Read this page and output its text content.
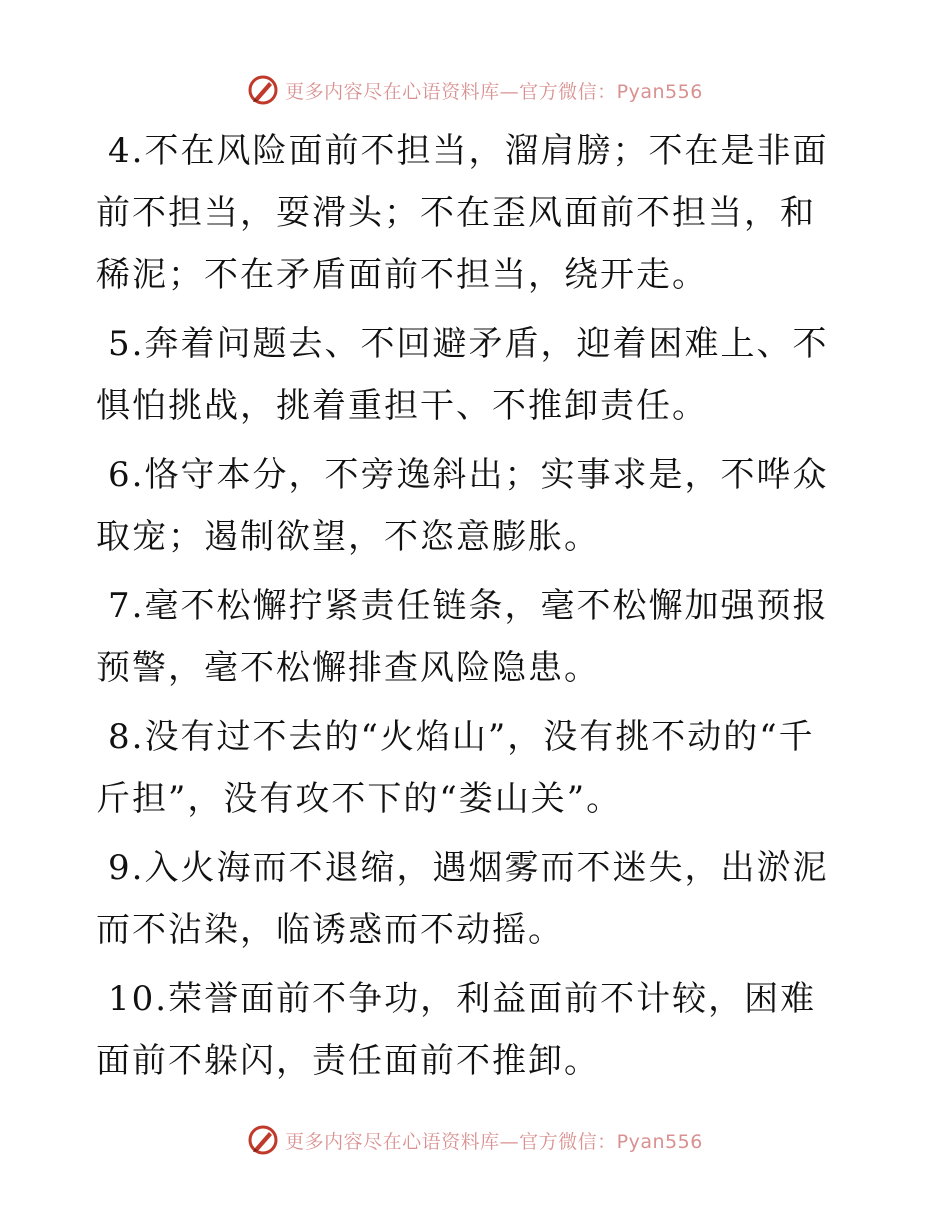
更多内容尽在心语资料库—官方微信：Pyan556

4.不在风险面前不担当，溜肩膀；不在是非面前不担当，耍滑头；不在歪风面前不担当，和稀泥；不在矛盾面前不担当，绕开走。

5.奔着问题去、不回避矛盾，迎着困难上、不惧怕挑战，挑着重担干、不推卸责任。

6.恪守本分，不旁逸斜出；实事求是，不哗众取宠；遏制欲望，不恣意膨胀。

7.毫不松懈拧紧责任链条，毫不松懈加强预报预警，毫不松懈排查风险隐患。

8.没有过不去的“火焰山”，没有挑不动的“千斤担”，没有攻不下的“娄山关”。

9.入火海而不退缩，遇烟雾而不迷失，出淤泥而不沾染，临诱惑而不动摇。

10.荣誉面前不争功，利益面前不计较，困难面前不躲闪，责任面前不推卸。

更多内容尽在心语资料库—官方微信：Pyan556
